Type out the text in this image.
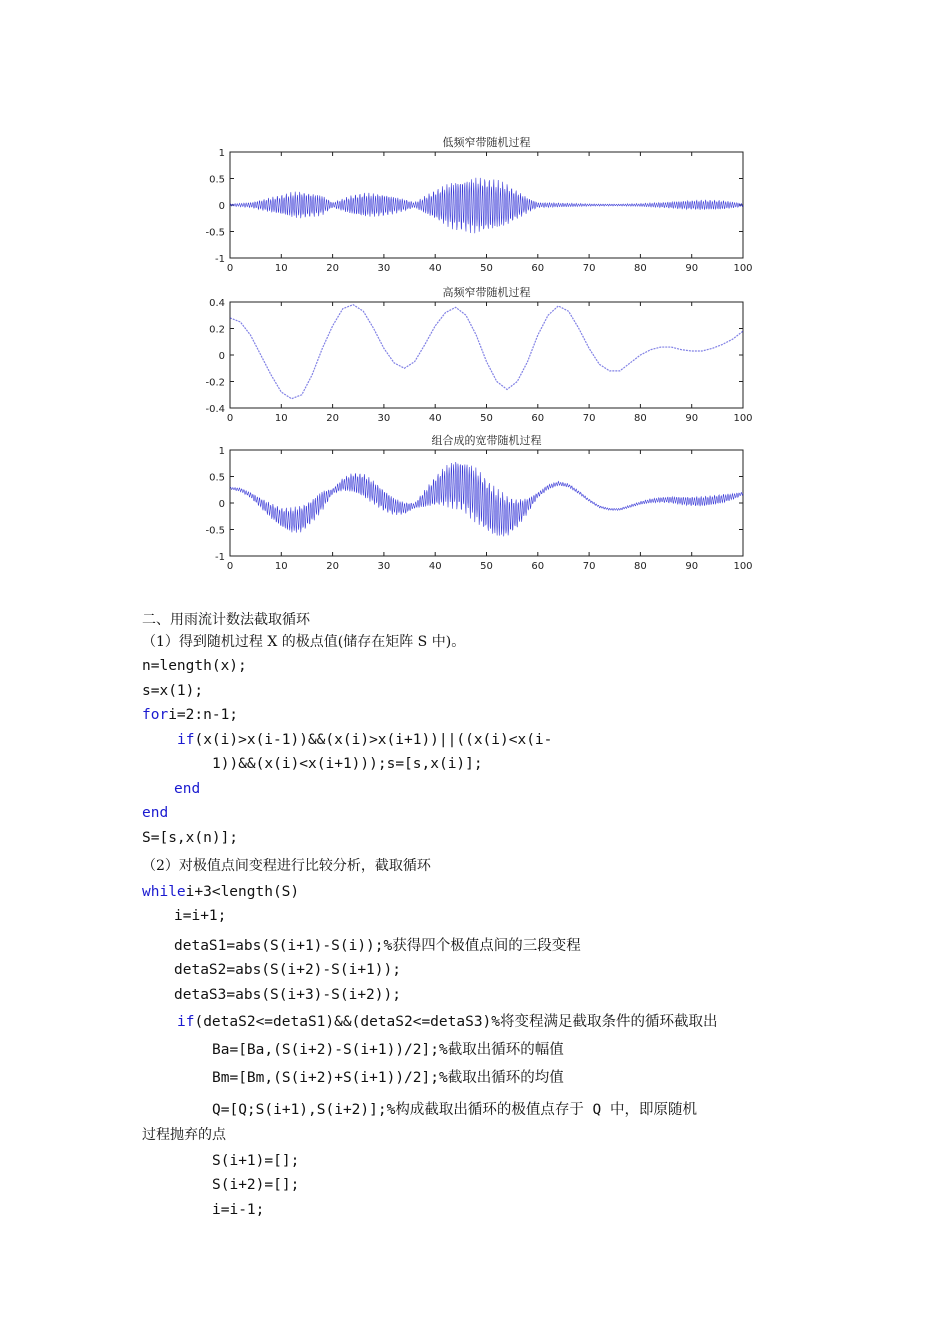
低频窄带随机过程
0	10	20	30	40	50	60	70	80	90	100
1
0.5
0
-0.5
-1
高频窄带随机过程
0	10	20	30	40	50	60	70	80	90	100
0.4
0.2
0
-0.2
-0.4
组合成的宽带随机过程
0	10	20	30	40	50	60	70	80	90	100
1
0.5
0
-0.5
-1
二、用雨流计数法截取循环
（1）得到随机过程 X 的极点值(储存在矩阵 S 中)。
n=length(x);
s=x(1);
fori=2:n-1;
if(x(i)>x(i-1))&&(x(i)>x(i+1))||((x(i)<x(i-
1))&&(x(i)<x(i+1)));s=[s,x(i)];
end
end
S=[s,x(n)];
（2）对极值点间变程进行比较分析，截取循环
whilei+3<length(S)
i=i+1;
detaS1=abs(S(i+1)-S(i));%获得四个极值点间的三段变程
detaS2=abs(S(i+2)-S(i+1));
detaS3=abs(S(i+3)-S(i+2));
if(detaS2<=detaS1)&&(detaS2<=detaS3)%将变程满足截取条件的循环截取出
Ba=[Ba,(S(i+2)-S(i+1))/2];%截取出循环的幅值
Bm=[Bm,(S(i+2)+S(i+1))/2];%截取出循环的均值
Q=[Q;S(i+1),S(i+2)];%构成截取出循环的极值点存于 Q 中，即原随机
过程抛弃的点
S(i+1)=[];
S(i+2)=[];
i=i-1;
